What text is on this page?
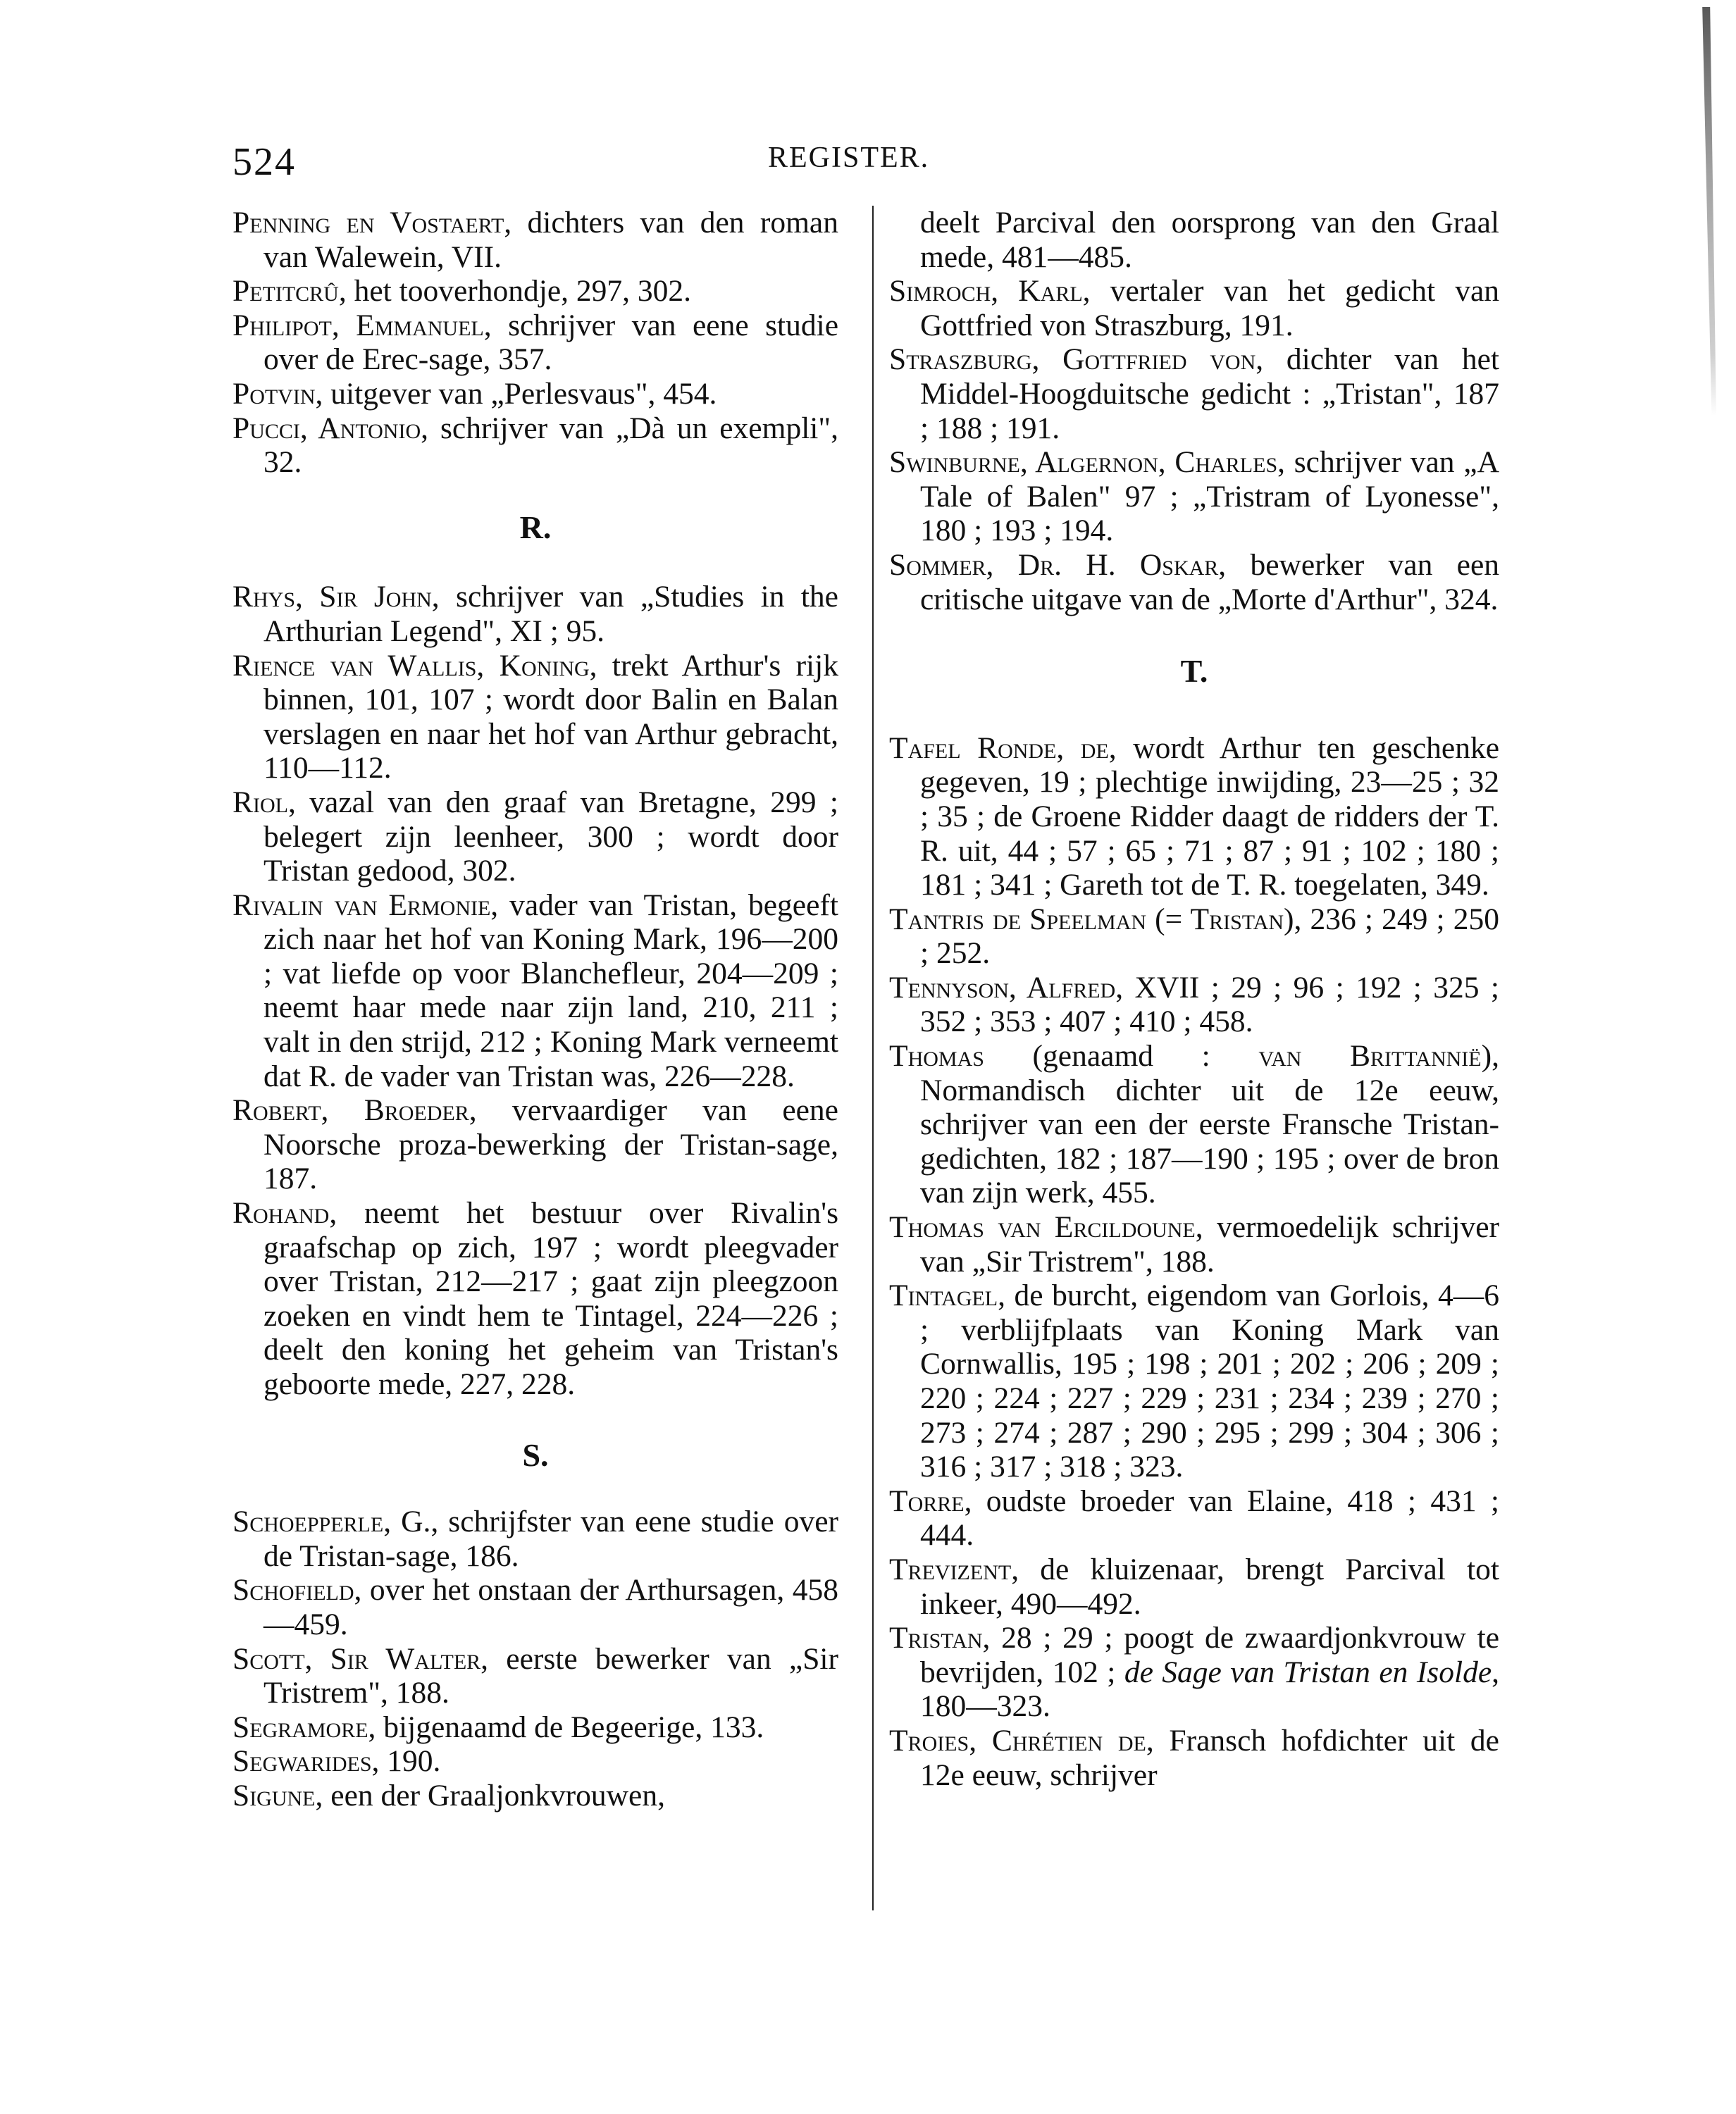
524	REGISTER.

Penning en Vostaert, dichters van den roman van Walewein, VII.

Petitcrû, het tooverhondje, 297, 302.

Philipot, Emmanuel, schrijver van eene studie over de Erec-sage, 357.

Potvin, uitgever van „Perlesvaus", 454.

Pucci, Antonio, schrijver van „Dà un exempli", 32.

R.

Rhys, Sir John, schrijver van „Studies in the Arthurian Legend", XI ; 95.

Rience van Wallis, Koning, trekt Arthur's rijk binnen, 101, 107 ; wordt door Balin en Balan verslagen en naar het hof van Arthur gebracht, 110—112.

Riol, vazal van den graaf van Bretagne, 299 ; belegert zijn leenheer, 300 ; wordt door Tristan gedood, 302.

Rivalin van Ermonie, vader van Tristan, begeeft zich naar het hof van Koning Mark, 196—200 ; vat liefde op voor Blanchefleur, 204—209 ; neemt haar mede naar zijn land, 210, 211 ; valt in den strijd, 212 ; Koning Mark verneemt dat R. de vader van Tristan was, 226—228.

Robert, Broeder, vervaardiger van eene Noorsche proza-bewerking der Tristan-sage, 187.

Rohand, neemt het bestuur over Rivalin's graafschap op zich, 197 ; wordt pleegvader over Tristan, 212—217 ; gaat zijn pleegzoon zoeken en vindt hem te Tintagel, 224—226 ; deelt den koning het geheim van Tristan's geboorte mede, 227, 228.

S.

Schoepperle, G., schrijfster van eene studie over de Tristan-sage, 186.

Schofield, over het onstaan der Arthursagen, 458—459.

Scott, Sir Walter, eerste bewerker van „Sir Tristrem", 188.

Segramore, bijgenaamd de Begeerige, 133.

Segwarides, 190.

Sigune, een der Graaljonkvrouwen,

deelt Parcival den oorsprong van den Graal mede, 481—485.

Simroch, Karl, vertaler van het gedicht van Gottfried von Straszburg, 191.

Straszburg, Gottfried von, dichter van het Middel-Hoogduitsche gedicht : „Tristan", 187 ; 188 ; 191.

Swinburne, Algernon, Charles, schrijver van „A Tale of Balen" 97 ; „Tristram of Lyonesse", 180 ; 193 ; 194.

Sommer, Dr. H. Oskar, bewerker van een critische uitgave van de „Morte d'Arthur", 324.

T.

Tafel Ronde, de, wordt Arthur ten geschenke gegeven, 19 ; plechtige inwijding, 23—25 ; 32 ; 35 ; de Groene Ridder daagt de ridders der T. R. uit, 44 ; 57 ; 65 ; 71 ; 87 ; 91 ; 102 ; 180 ; 181 ; 341 ; Gareth tot de T. R. toegelaten, 349.

Tantris de Speelman (= Tristan), 236 ; 249 ; 250 ; 252.

Tennyson, Alfred, XVII ; 29 ; 96 ; 192 ; 325 ; 352 ; 353 ; 407 ; 410 ; 458.

Thomas (genaamd : van Brittannië), Normandisch dichter uit de 12e eeuw, schrijver van een der eerste Fransche Tristan-gedichten, 182 ; 187—190 ; 195 ; over de bron van zijn werk, 455.

Thomas van Ercildoune, vermoedelijk schrijver van „Sir Tristrem", 188.

Tintagel, de burcht, eigendom van Gorlois, 4—6 ; verblijfplaats van Koning Mark van Cornwallis, 195 ; 198 ; 201 ; 202 ; 206 ; 209 ; 220 ; 224 ; 227 ; 229 ; 231 ; 234 ; 239 ; 270 ; 273 ; 274 ; 287 ; 290 ; 295 ; 299 ; 304 ; 306 ; 316 ; 317 ; 318 ; 323.

Torre, oudste broeder van Elaine, 418 ; 431 ; 444.

Trevizent, de kluizenaar, brengt Parcival tot inkeer, 490—492.

Tristan, 28 ; 29 ; poogt de zwaardjonkvrouw te bevrijden, 102 ; de Sage van Tristan en Isolde, 180—323.

Troies, Chrétien de, Fransch hofdichter uit de 12e eeuw, schrijver
